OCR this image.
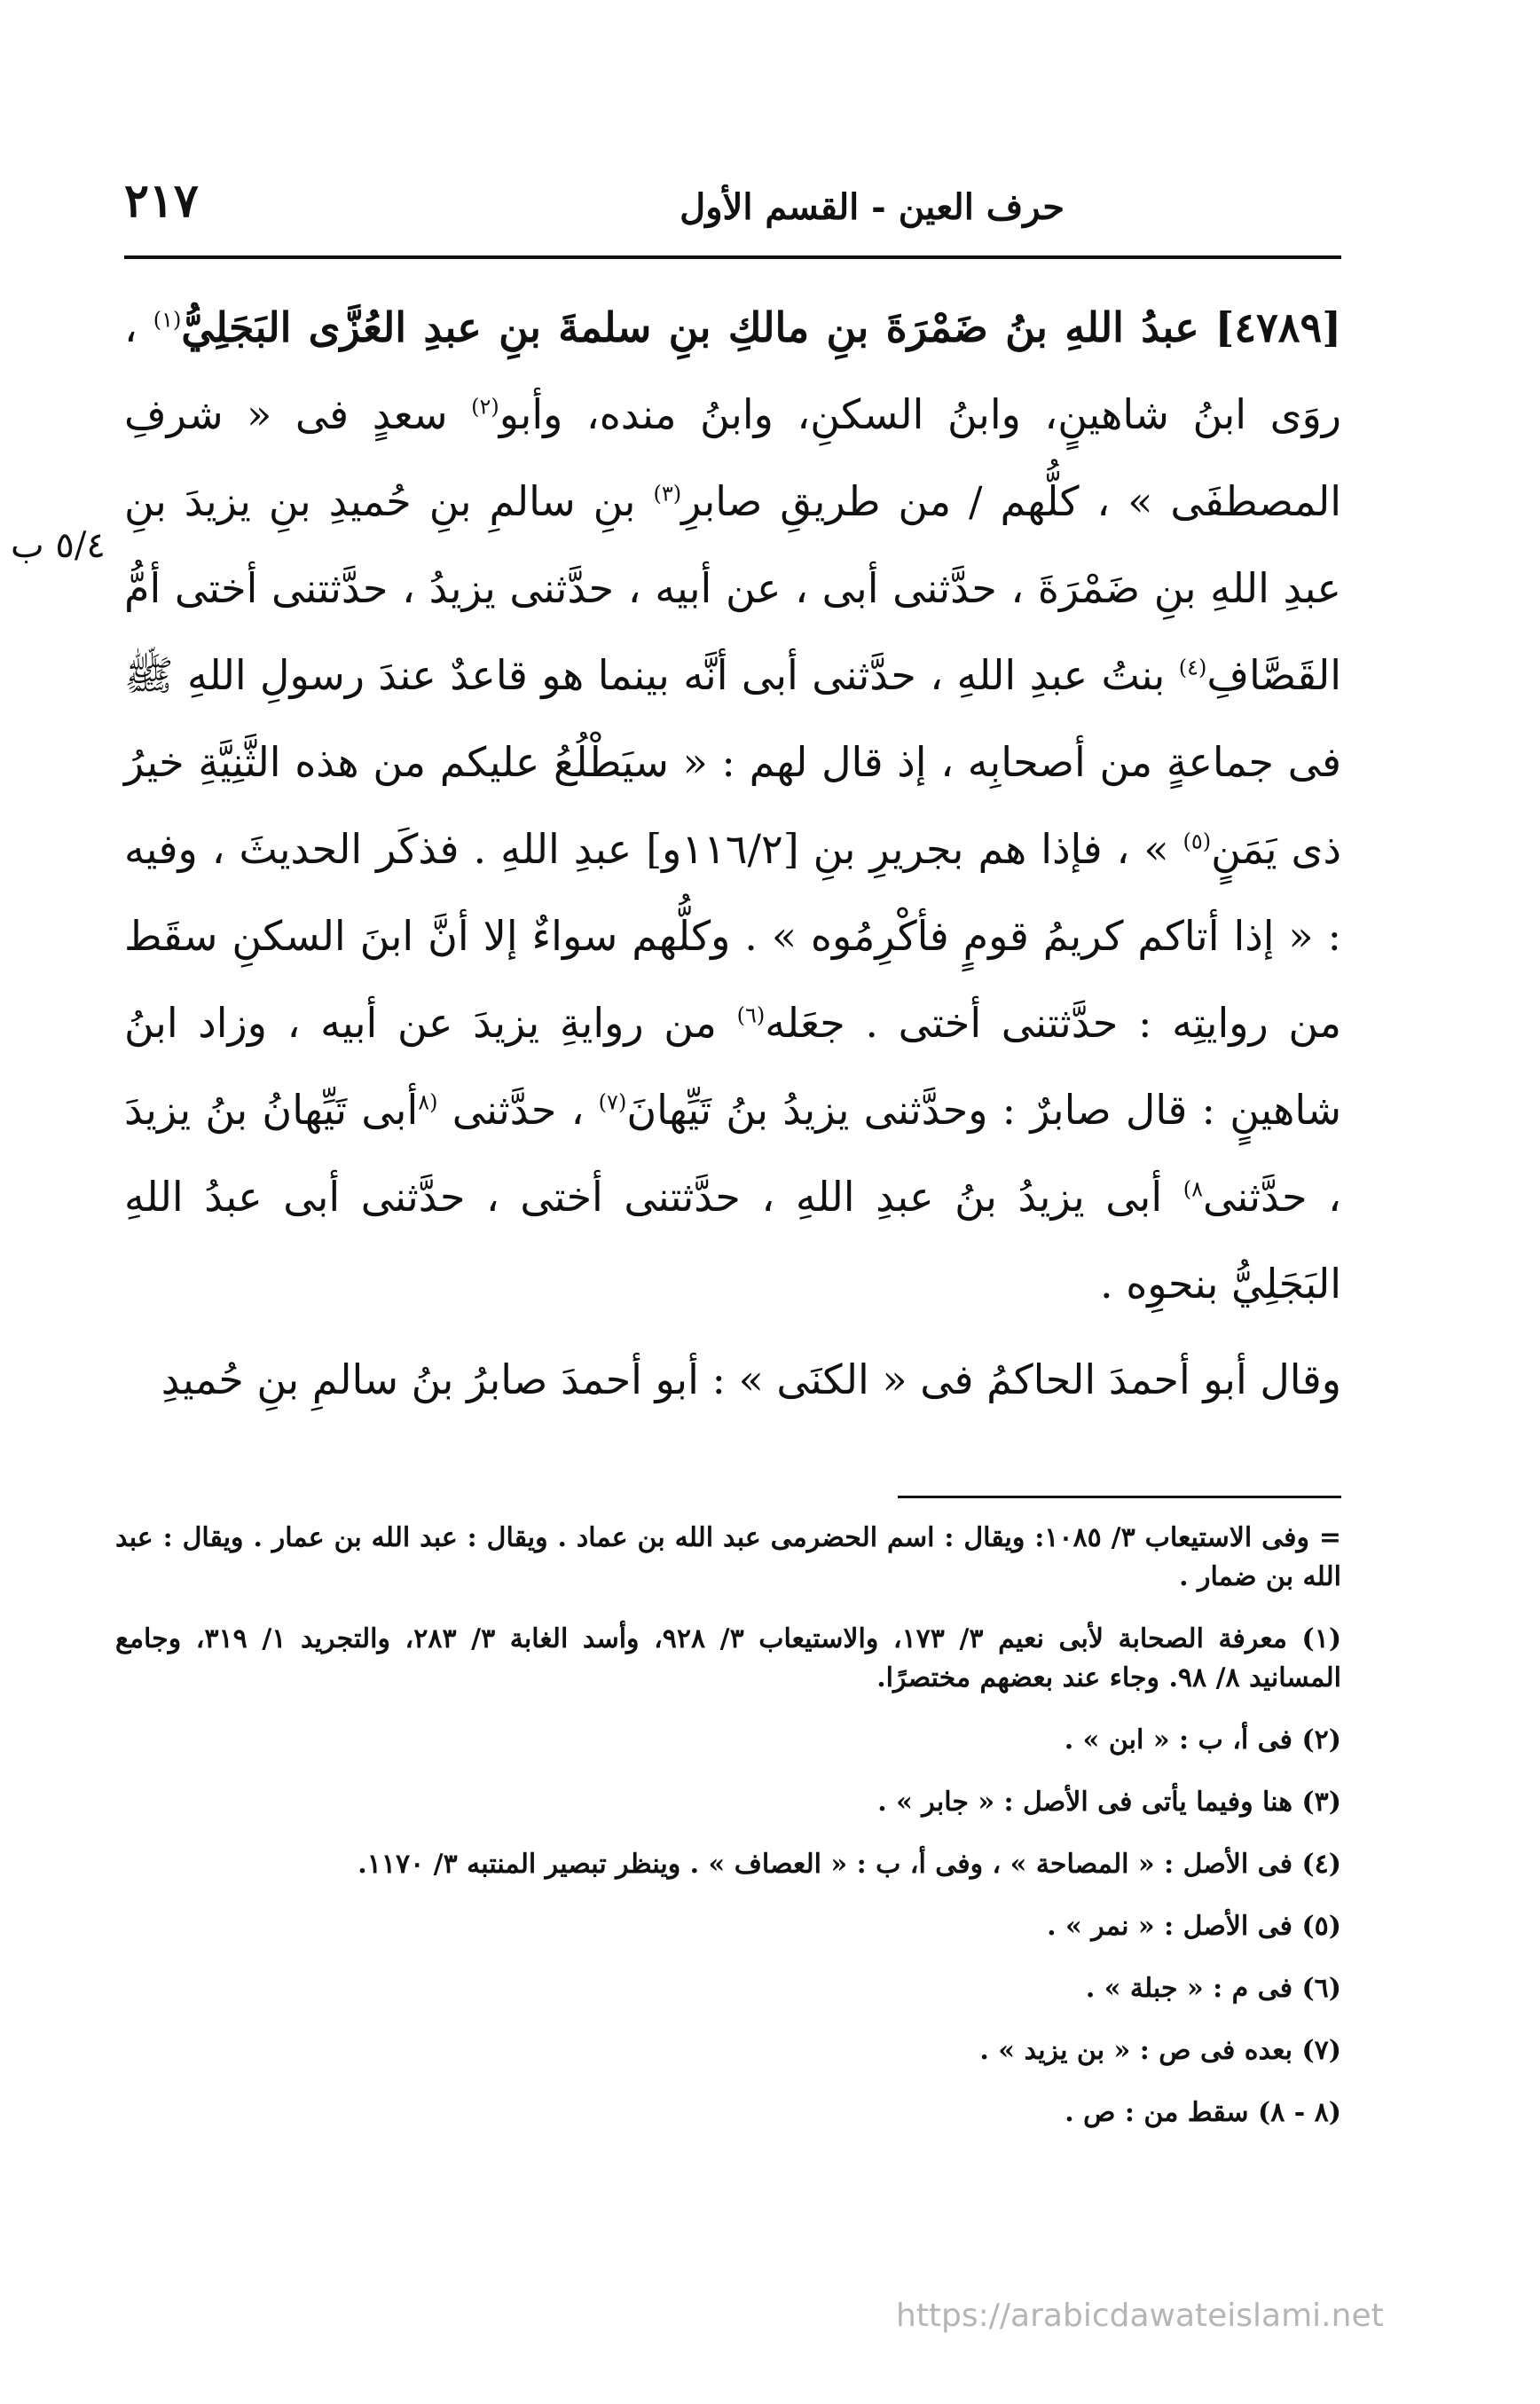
حرف العين - القسم الأول
٢١٧
٥/٤ ب

[٤٧٨٩] عبدُ اللهِ بنُ ضَمْرَةَ بنِ مالكِ بنِ سلمةَ بنِ عبدِ العُزَّى البَجَلِيُّ$^{(١)}$ ، روَى ابنُ شاهينٍ، وابنُ السكنِ، وابنُ منده، وأبو$^{(٢)}$ سعدٍ فى « شرفِ المصطفَى » ، كلُّهم / من طريقِ صابرِ$^{(٣)}$ بنِ سالمِ بنِ حُميدِ بنِ يزيدَ بنِ عبدِ اللهِ بنِ ضَمْرَةَ ، حدَّثنى أبى ، عن أبيه ، حدَّثنى يزيدُ ، حدَّثتنى أختى أمُّ القَصَّافِ$^{(٤)}$ بنتُ عبدِ اللهِ ، حدَّثنى أبى أنَّه بينما هو قاعدٌ عندَ رسولِ اللهِ ﷺ فى جماعةٍ من أصحابِه ، إذ قال لهم : « سيَطْلُعُ عليكم من هذه الثَّنِيَّةِ خيرُ ذى يَمَنٍ$^{(٥)}$ » ، فإذا هم بجريرِ بنِ [١١٦/٢و] عبدِ اللهِ . فذكَر الحديثَ ، وفيه : « إذا أتاكم كريمُ قومٍ فأكْرِمُوه » . وكلُّهم سواءٌ إلا أنَّ ابنَ السكنِ سقَط من روايتِه : حدَّثتنى أختى . جعَله$^{(٦)}$ من روايةِ يزيدَ عن أبيه ، وزاد ابنُ شاهينٍ : قال صابرٌ : وحدَّثنى يزيدُ بنُ تَيِّهانَ$^{(٧)}$ ، حدَّثنى $^{(٨}$أبى تَيِّهانُ بنُ يزيدَ ، حدَّثنى$^{٨)}$ أبى يزيدُ بنُ عبدِ اللهِ ، حدَّثتنى أختى ، حدَّثنى أبى عبدُ اللهِ البَجَلِيُّ بنحوِه .

وقال أبو أحمدَ الحاكمُ فى « الكنَى » : أبو أحمدَ صابرُ بنُ سالمِ بنِ حُميدِ

= وفى الاستيعاب ٣/ ١٠٨٥: ويقال : اسم الحضرمى عبد الله بن عماد . ويقال : عبد الله بن عمار . ويقال : عبد الله بن ضمار .

(١) معرفة الصحابة لأبى نعيم ٣/ ١٧٣، والاستيعاب ٣/ ٩٢٨، وأسد الغابة ٣/ ٢٨٣، والتجريد ١/ ٣١٩، وجامع المسانيد ٨/ ٩٨. وجاء عند بعضهم مختصرًا.

(٢) فى أ، ب : « ابن » .

(٣) هنا وفيما يأتى فى الأصل : « جابر » .

(٤) فى الأصل : « المصاحة » ، وفى أ، ب : « العصاف » . وينظر تبصير المنتبه ٣/ ١١٧٠.

(٥) فى الأصل : « نمر » .

(٦) فى م : « جبلة » .

(٧) بعده فى ص : « بن يزيد » .

(٨ - ٨) سقط من : ص .

https://arabicdawateislami.net
